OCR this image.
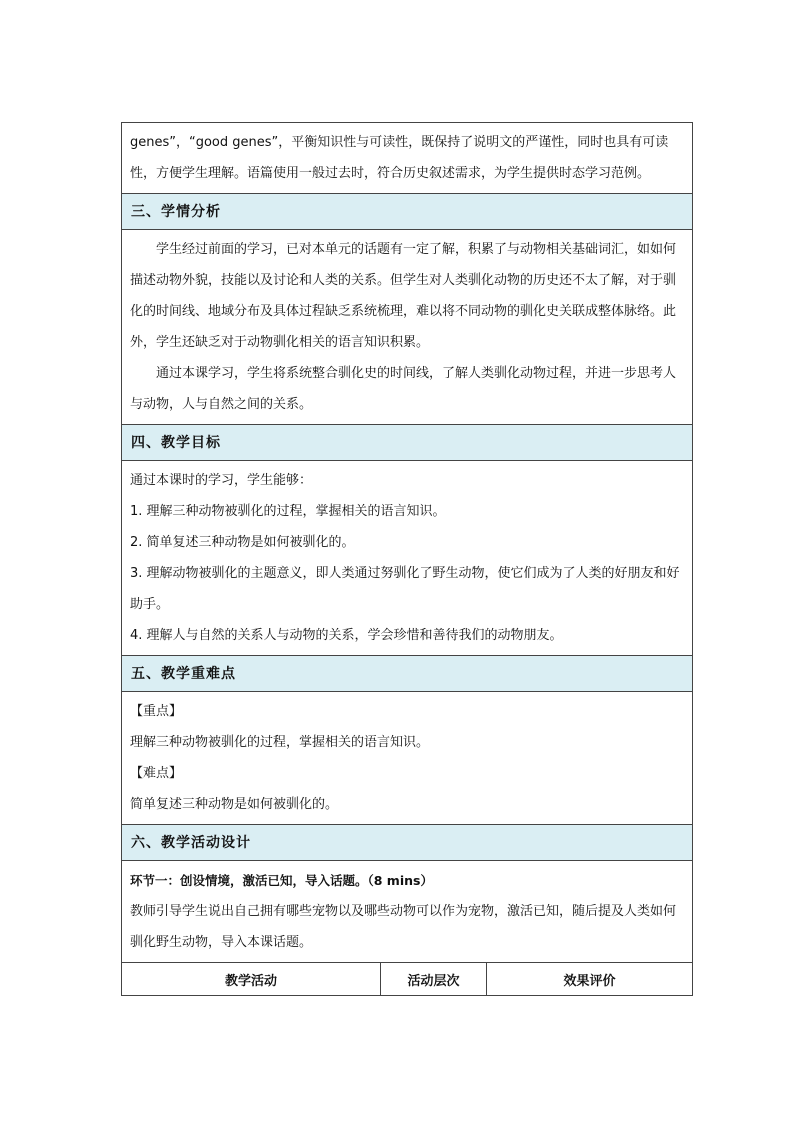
genes”，“good genes”，平衡知识性与可读性，既保持了说明文的严谨性，同时也具有可读

性，方便学生理解。语篇使用一般过去时，符合历史叙述需求，为学生提供时态学习范例。

三、学情分析

学生经过前面的学习，已对本单元的话题有一定了解，积累了与动物相关基础词汇，如如何描述动物外貌，技能以及讨论和人类的关系。但学生对人类驯化动物的历史还不太了解，对于驯化的时间线、地域分布及具体过程缺乏系统梳理，难以将不同动物的驯化史关联成整体脉络。此外，学生还缺乏对于动物驯化相关的语言知识积累。

通过本课学习，学生将系统整合驯化史的时间线，了解人类驯化动物过程，并进一步思考人与动物，人与自然之间的关系。

四、教学目标

通过本课时的学习，学生能够：

1. 理解三种动物被驯化的过程，掌握相关的语言知识。

2. 简单复述三种动物是如何被驯化的。

3. 理解动物被驯化的主题意义，即人类通过努驯化了野生动物，使它们成为了人类的好朋友和好助手。

4. 理解人与自然的关系人与动物的关系，学会珍惜和善待我们的动物朋友。

五、教学重难点

【重点】

理解三种动物被驯化的过程，掌握相关的语言知识。

【难点】

简单复述三种动物是如何被驯化的。

六、教学活动设计

环节一：创设情境，激活已知，导入话题。（8 mins）

教师引导学生说出自己拥有哪些宠物以及哪些动物可以作为宠物，激活已知，随后提及人类如何驯化野生动物，导入本课话题。

教学活动	活动层次	效果评价
